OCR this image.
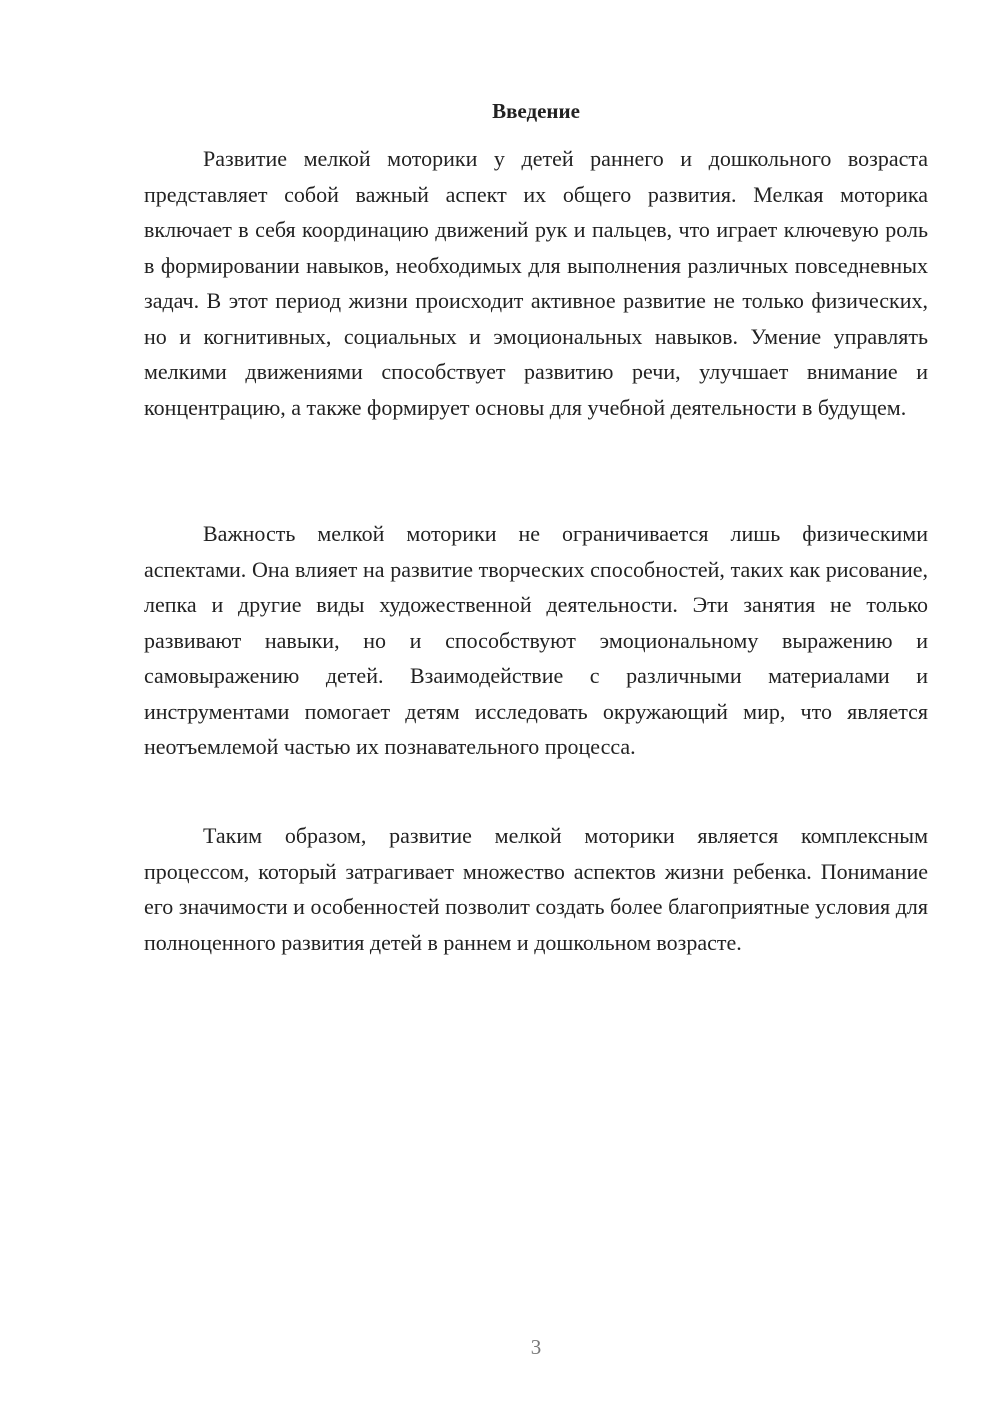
Введение

Развитие мелкой моторики у детей раннего и дошкольного возраста представляет собой важный аспект их общего развития. Мелкая моторика включает в себя координацию движений рук и пальцев, что играет ключевую роль в формировании навыков, необходимых для выполнения различных повседневных задач. В этот период жизни происходит активное развитие не только физических, но и когнитивных, социальных и эмоциональных навыков. Умение управлять мелкими движениями способствует развитию речи, улучшает внимание и концентрацию, а также формирует основы для учебной деятельности в будущем.

Важность мелкой моторики не ограничивается лишь физическими аспектами. Она влияет на развитие творческих способностей, таких как рисование, лепка и другие виды художественной деятельности. Эти занятия не только развивают навыки, но и способствуют эмоциональному выражению и самовыражению детей. Взаимодействие с различными материалами и инструментами помогает детям исследовать окружающий мир, что является неотъемлемой частью их познавательного процесса.

Таким образом, развитие мелкой моторики является комплексным процессом, который затрагивает множество аспектов жизни ребенка. Понимание его значимости и особенностей позволит создать более благоприятные условия для полноценного развития детей в раннем и дошкольном возрасте.

3
